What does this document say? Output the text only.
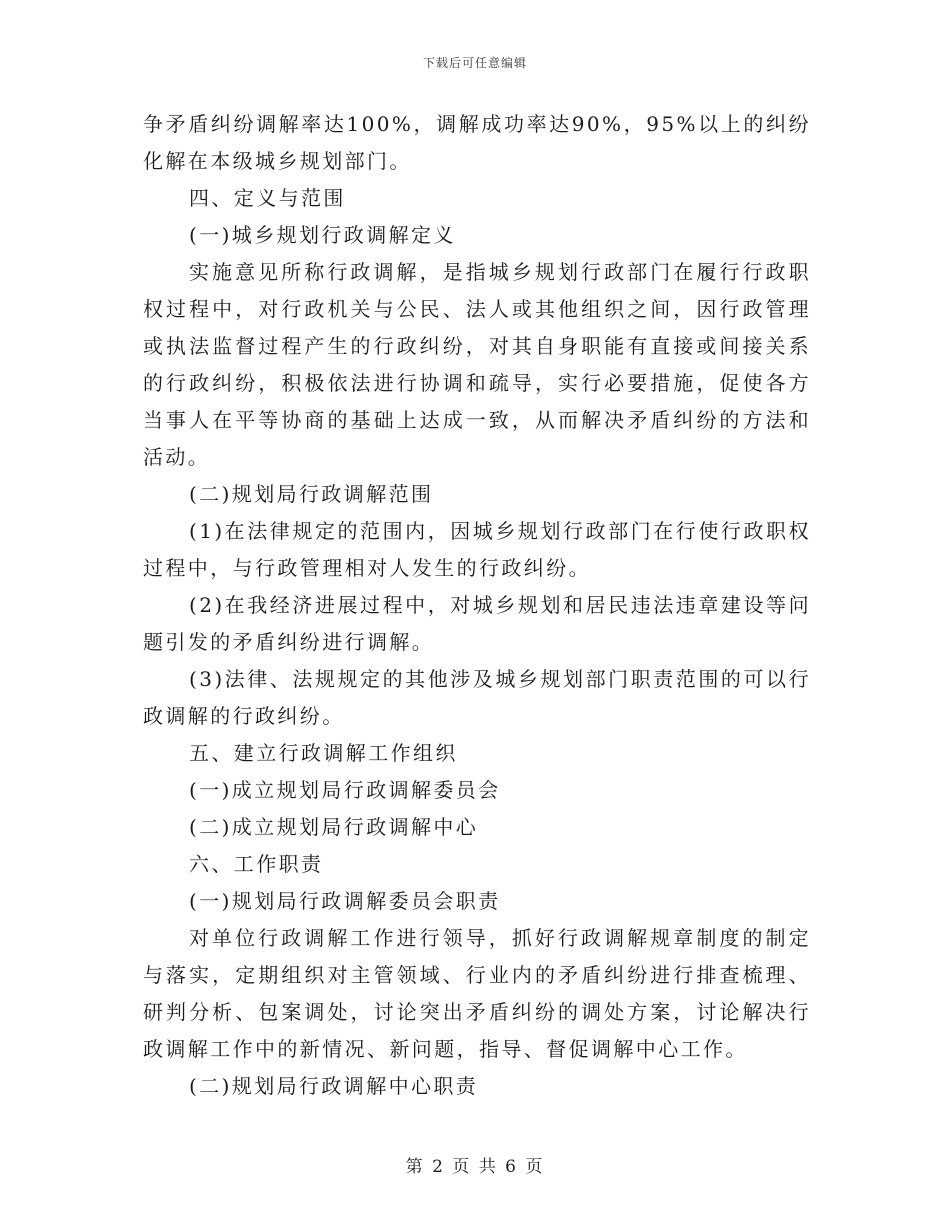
下载后可任意编辑

争矛盾纠纷调解率达100%，调解成功率达90%，95%以上的纠纷化解在本级城乡规划部门。

四、定义与范围

(一)城乡规划行政调解定义

实施意见所称行政调解，是指城乡规划行政部门在履行行政职权过程中，对行政机关与公民、法人或其他组织之间，因行政管理或执法监督过程产生的行政纠纷，对其自身职能有直接或间接关系的行政纠纷，积极依法进行协调和疏导，实行必要措施，促使各方当事人在平等协商的基础上达成一致，从而解决矛盾纠纷的方法和活动。

(二)规划局行政调解范围

(1)在法律规定的范围内，因城乡规划行政部门在行使行政职权过程中，与行政管理相对人发生的行政纠纷。

(2)在我经济进展过程中，对城乡规划和居民违法违章建设等问题引发的矛盾纠纷进行调解。

(3)法律、法规规定的其他涉及城乡规划部门职责范围的可以行政调解的行政纠纷。

五、建立行政调解工作组织

(一)成立规划局行政调解委员会

(二)成立规划局行政调解中心

六、工作职责

(一)规划局行政调解委员会职责

对单位行政调解工作进行领导，抓好行政调解规章制度的制定与落实，定期组织对主管领域、行业内的矛盾纠纷进行排查梳理、研判分析、包案调处，讨论突出矛盾纠纷的调处方案，讨论解决行政调解工作中的新情况、新问题，指导、督促调解中心工作。

(二)规划局行政调解中心职责

第 2 页 共 6 页
